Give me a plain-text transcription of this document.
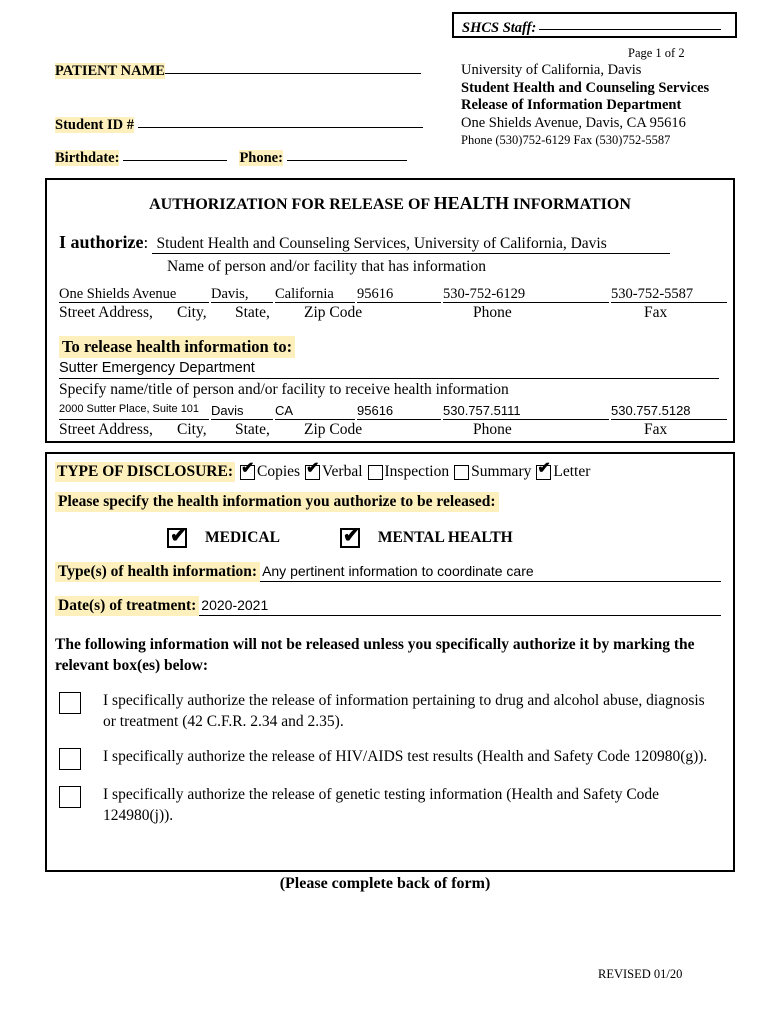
SHCS Staff:
Page 1 of 2
University of California, Davis
Student Health and Counseling Services
Release of Information Department
One Shields Avenue, Davis, CA 95616
Phone (530)752-6129 Fax (530)752-5587
PATIENT NAME
Student ID #
Birthdate:	Phone:
AUTHORIZATION FOR RELEASE OF HEALTH INFORMATION
I authorize: Student Health and Counseling Services, University of California, Davis
Name of person and/or facility that has information
One Shields Avenue	Davis,	California	95616	530-752-6129	530-752-5587
Street Address, City, State, Zip Code	Phone	Fax
To release health information to:
Sutter Emergency Department
Specify name/title of person and/or facility to receive health information
2000 Sutter Place, Suite 101 Davis	CA	95616	530.757.5111	530.757.5128
Street Address, City, State, Zip Code	Phone	Fax
TYPE OF DISCLOSURE: ✔ Copies ✔ Verbal Inspection Summary ✔ Letter
Please specify the health information you authorize to be released:
✔
MEDICAL ✔	MENTAL HEALTH
Type(s) of health information: Any pertinent information to coordinate care
Date(s) of treatment: 2020-2021
The following information will not be released unless you specifically authorize it by marking the relevant box(es) below:
I specifically authorize the release of information pertaining to drug and alcohol abuse, diagnosis or treatment (42 C.F.R. 2.34 and 2.35).
I specifically authorize the release of HIV/AIDS test results (Health and Safety Code 120980(g)).
I specifically authorize the release of genetic testing information (Health and Safety Code 124980(j)).
(Please complete back of form)
REVISED 01/20
